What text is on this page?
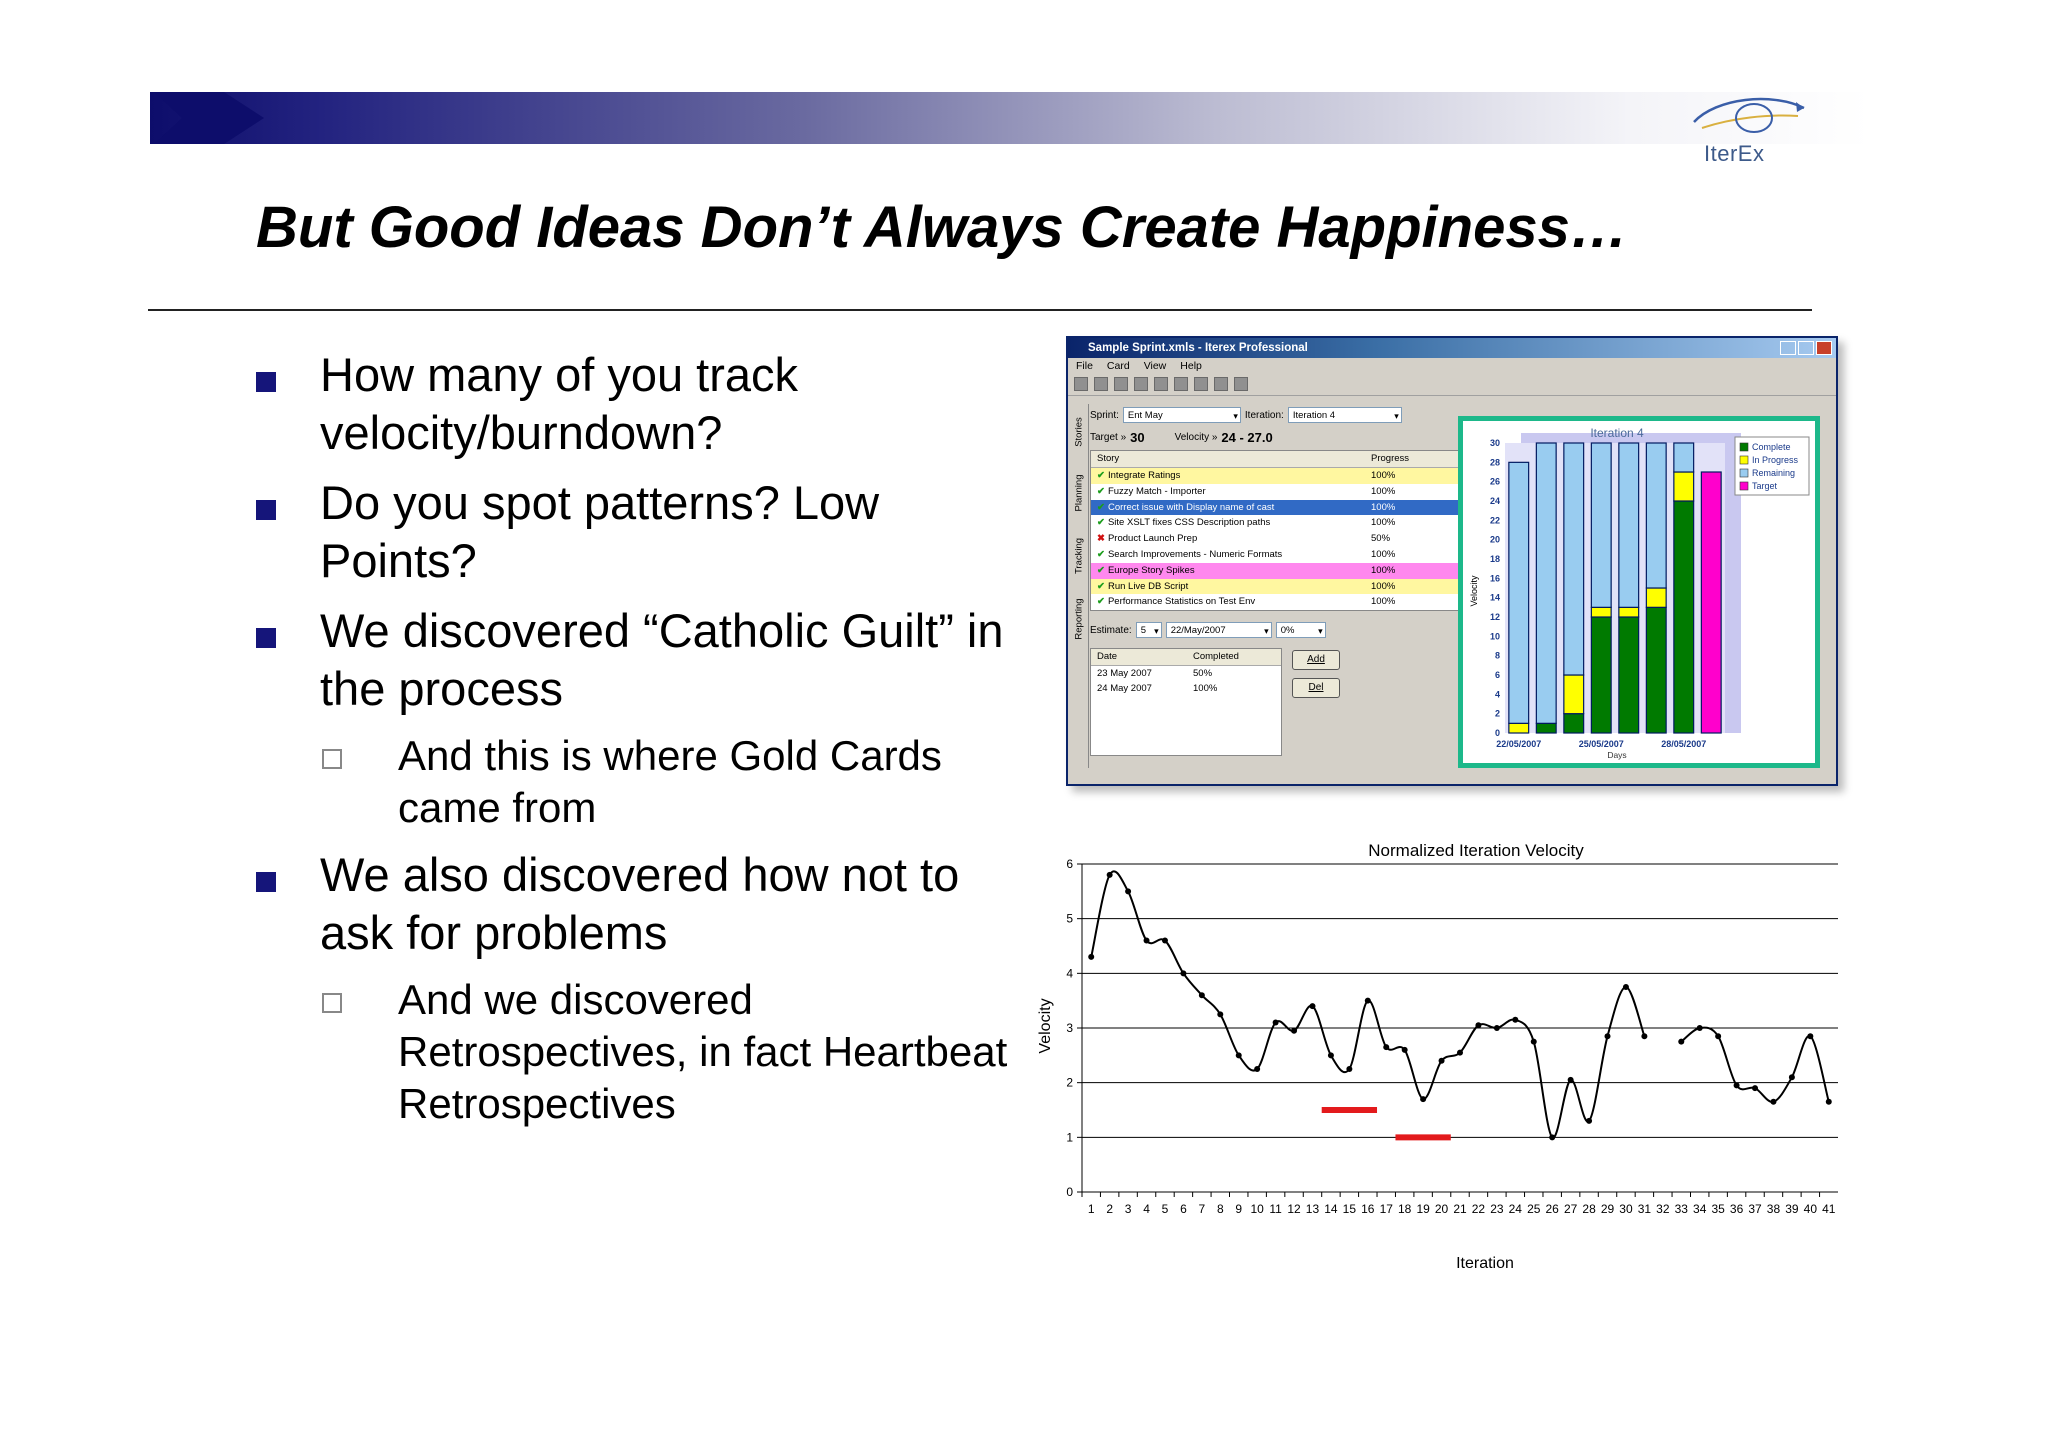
IterEx
But Good Ideas Don’t Always Create Happiness…
How many of you track velocity/burndown?
Do you spot patterns? Low Points?
We discovered “Catholic Guilt” in the process
And this is where Gold Cards came from
We also discovered how not to ask for problems
And we discovered Retrospectives, in fact Heartbeat Retrospectives
Sample Sprint.xmls - Iterex Professional
File Card View Help
Stories
Planning
Tracking
Reporting
Sprint: Ent May ▾	Iteration: Iteration 4 ▾
Target » 30	Velocity » 24 - 27.0
Story	Progress
✔ Integrate Ratings	100%
✔ Fuzzy Match - Importer	100%
✔ Correct issue with Display name of cast	100%
✔ Site XSLT fixes CSS Description paths	100%
✖ Product Launch Prep	50%
✔ Search Improvements - Numeric Formats	100%
✔ Europe Story Spikes	100%
✔ Run Live DB Script	100%
✔ Performance Statistics on Test Env	100%
Estimate: 5 ▾	22/May/2007 ▾	0% ▾
Date	Completed
23 May 2007	50%
24 May 2007	100%
Add
Del
Iteration 4
0
2
4
6
8
10
12
14
16
18
20
22
24
26
28
30
Velocity
22/05/2007	25/05/2007	28/05/2007
Days
Complete
In Progress
Remaining
Target
Normalized Iteration Velocity
0
1
2
3
4
5
6
1 2 3 4 5 6 7 8 9 10 11 12 13 14 15 16 17 18 19 20 21 22 23 24 25 26 27 28 29 30 31 32 33 34 35 36 37 38 39 40 41
Iteration
Velocity
